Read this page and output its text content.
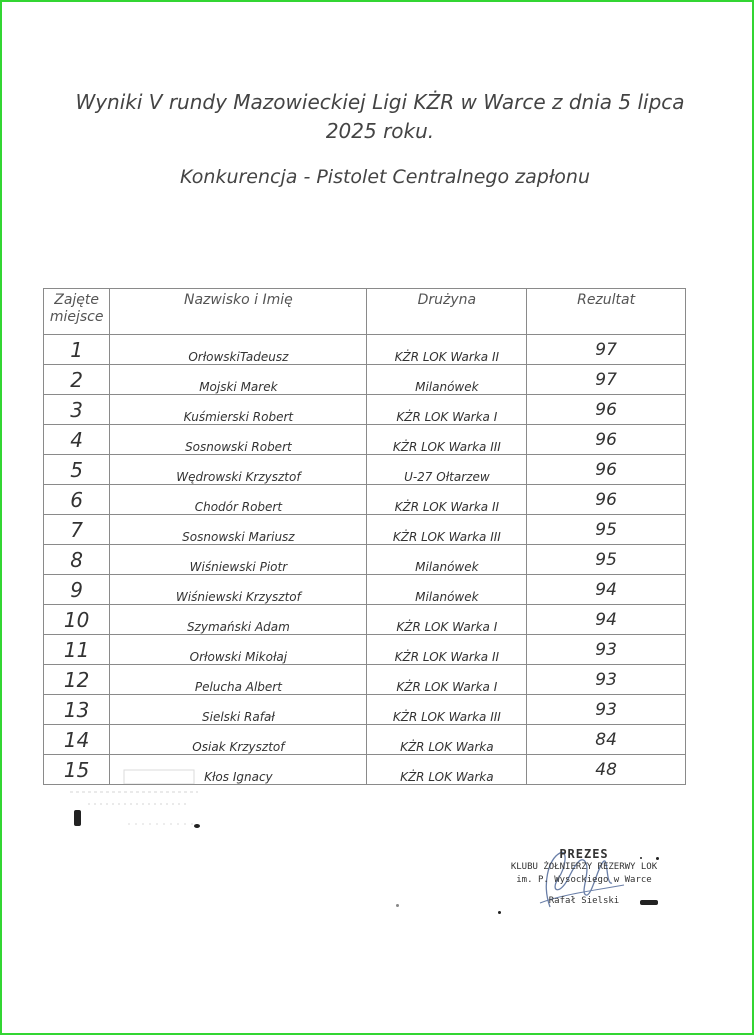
Wyniki V rundy Mazowieckiej Ligi KŻR w Warce z dnia 5 lipca
2025 roku.
Konkurencja - Pistolet Centralnego zapłonu
Zajęte
miejsce	Nazwisko i Imię	Drużyna	Rezultat
1	OrłowskiTadeusz	KŻR LOK Warka II	97
2	Mojski Marek	Milanówek	97
3	Kuśmierski Robert	KŻR LOK Warka I	96
4	Sosnowski Robert	KŻR LOK Warka III	96
5	Wędrowski Krzysztof	U-27 Ołtarzew	96
6	Chodór Robert	KŻR LOK Warka II	96
7	Sosnowski Mariusz	KŻR LOK Warka III	95
8	Wiśniewski Piotr	Milanówek	95
9	Wiśniewski Krzysztof	Milanówek	94
10	Szymański Adam	KŻR LOK Warka I	94
11	Orłowski Mikołaj	KŻR LOK Warka II	93
12	Pelucha Albert	KŻR LOK Warka I	93
13	Sielski Rafał	KŻR LOK Warka III	93
14	Osiak Krzysztof	KŻR LOK Warka	84
15	Kłos Ignacy	KŻR LOK Warka	48
PREZES
KLUBU ŻOŁNIERZY REZERWY LOK
im. P. Wysockiego w Warce
Rafał Sielski
